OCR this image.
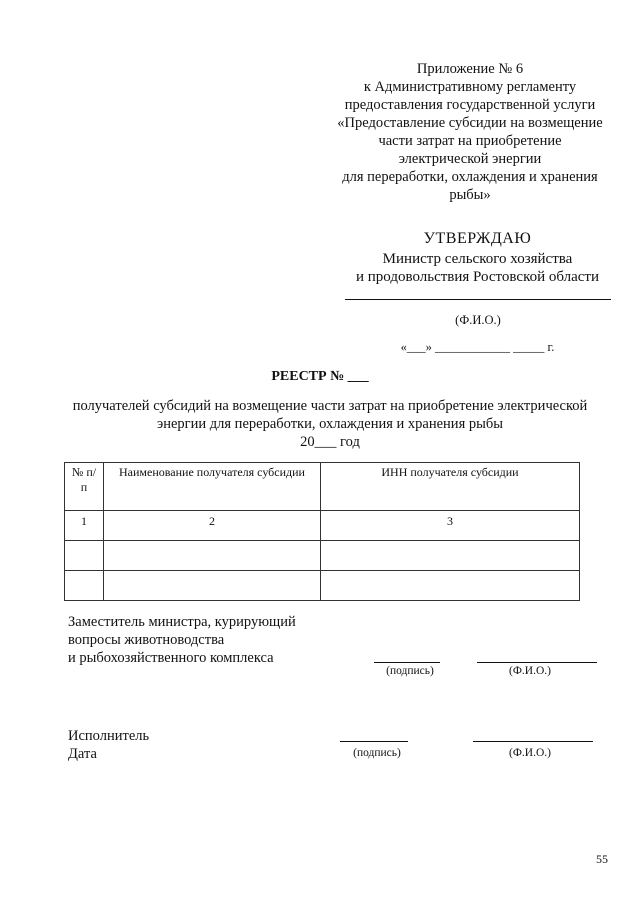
Приложение № 6
к Административному регламенту
предоставления государственной услуги
«Предоставление субсидии на возмещение
части затрат на приобретение
электрической энергии
для переработки, охлаждения и хранения
рыбы»
УТВЕРЖДАЮ
Министр сельского хозяйства
и продовольствия Ростовской области
(Ф.И.О.)
«___» ____________ _____ г.
РЕЕСТР № ___
получателей субсидий на возмещение части затрат на приобретение электрической
энергии для переработки, охлаждения и хранения рыбы
20___ год
№ п/п	Наименование получателя субсидии	ИНН получателя субсидии
1	2	3

Заместитель министра, курирующий
вопросы животноводства
и рыбохозяйственного комплекса
(подпись)	(Ф.И.О.)
Исполнитель
Дата	(подпись)	(Ф.И.О.)
55
